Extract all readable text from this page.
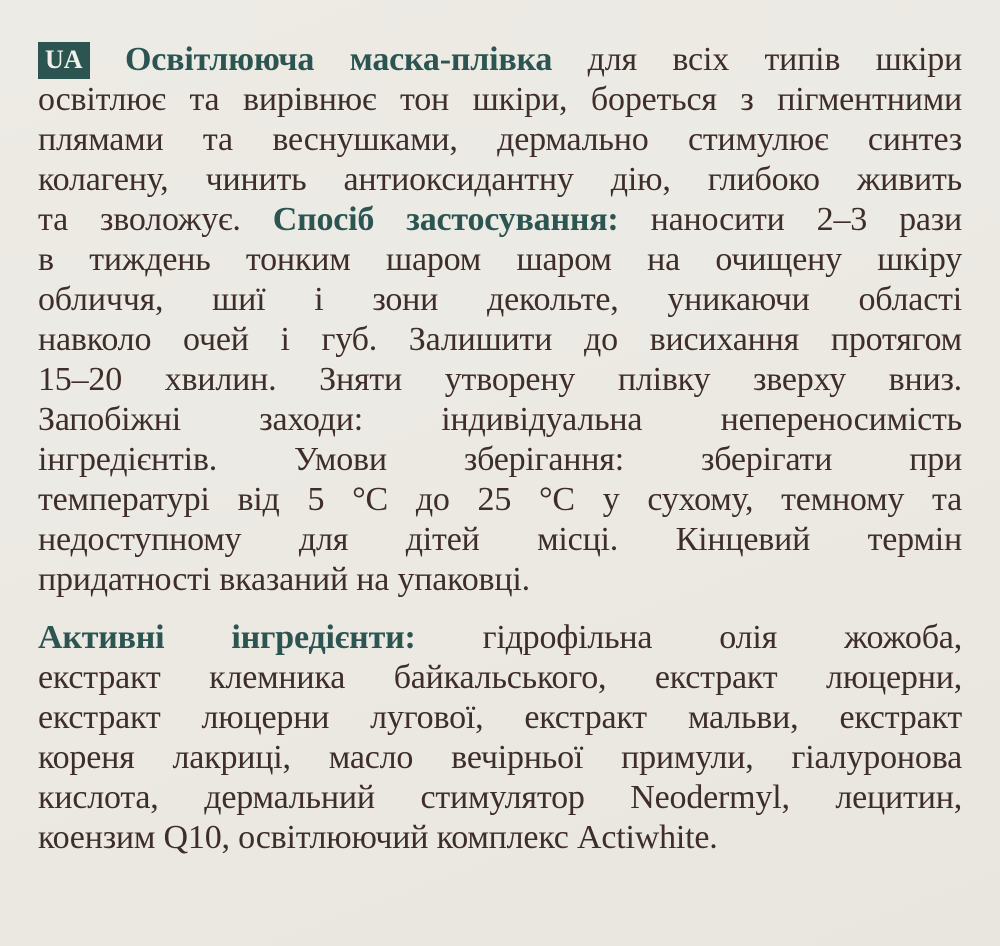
UA Освітлююча маска-плівка для всіх типів шкіри
освітлює та вирівнює тон шкіри, бореться з пігментними
плямами та веснушками, дермально стимулює синтез
колагену, чинить антиоксидантну дію, глибоко живить
та зволожує. Спосіб застосування: наносити 2–3 рази
в тиждень тонким шаром шаром на очищену шкіру
обличчя, шиї і зони декольте, уникаючи області
навколо очей і губ. Залишити до висихання протягом
15–20 хвилин. Зняти утворену плівку зверху вниз.
Запобіжні заходи: індивідуальна непереносимість
інгредієнтів. Умови зберігання: зберігати при
температурі від 5 °С до 25 °С у сухому, темному та
недоступному для дітей місці. Кінцевий термін
придатності вказаний на упаковці.
Активні інгредієнти: гідрофільна олія жожоба,
екстракт клемника байкальського, екстракт люцерни,
екстракт люцерни лугової, екстракт мальви, екстракт
кореня лакриці, масло вечірньої примули, гіалуронова
кислота, дермальний стимулятор Neodermyl, лецитин,
коензим Q10, освітлюючий комплекс Actiwhite.
